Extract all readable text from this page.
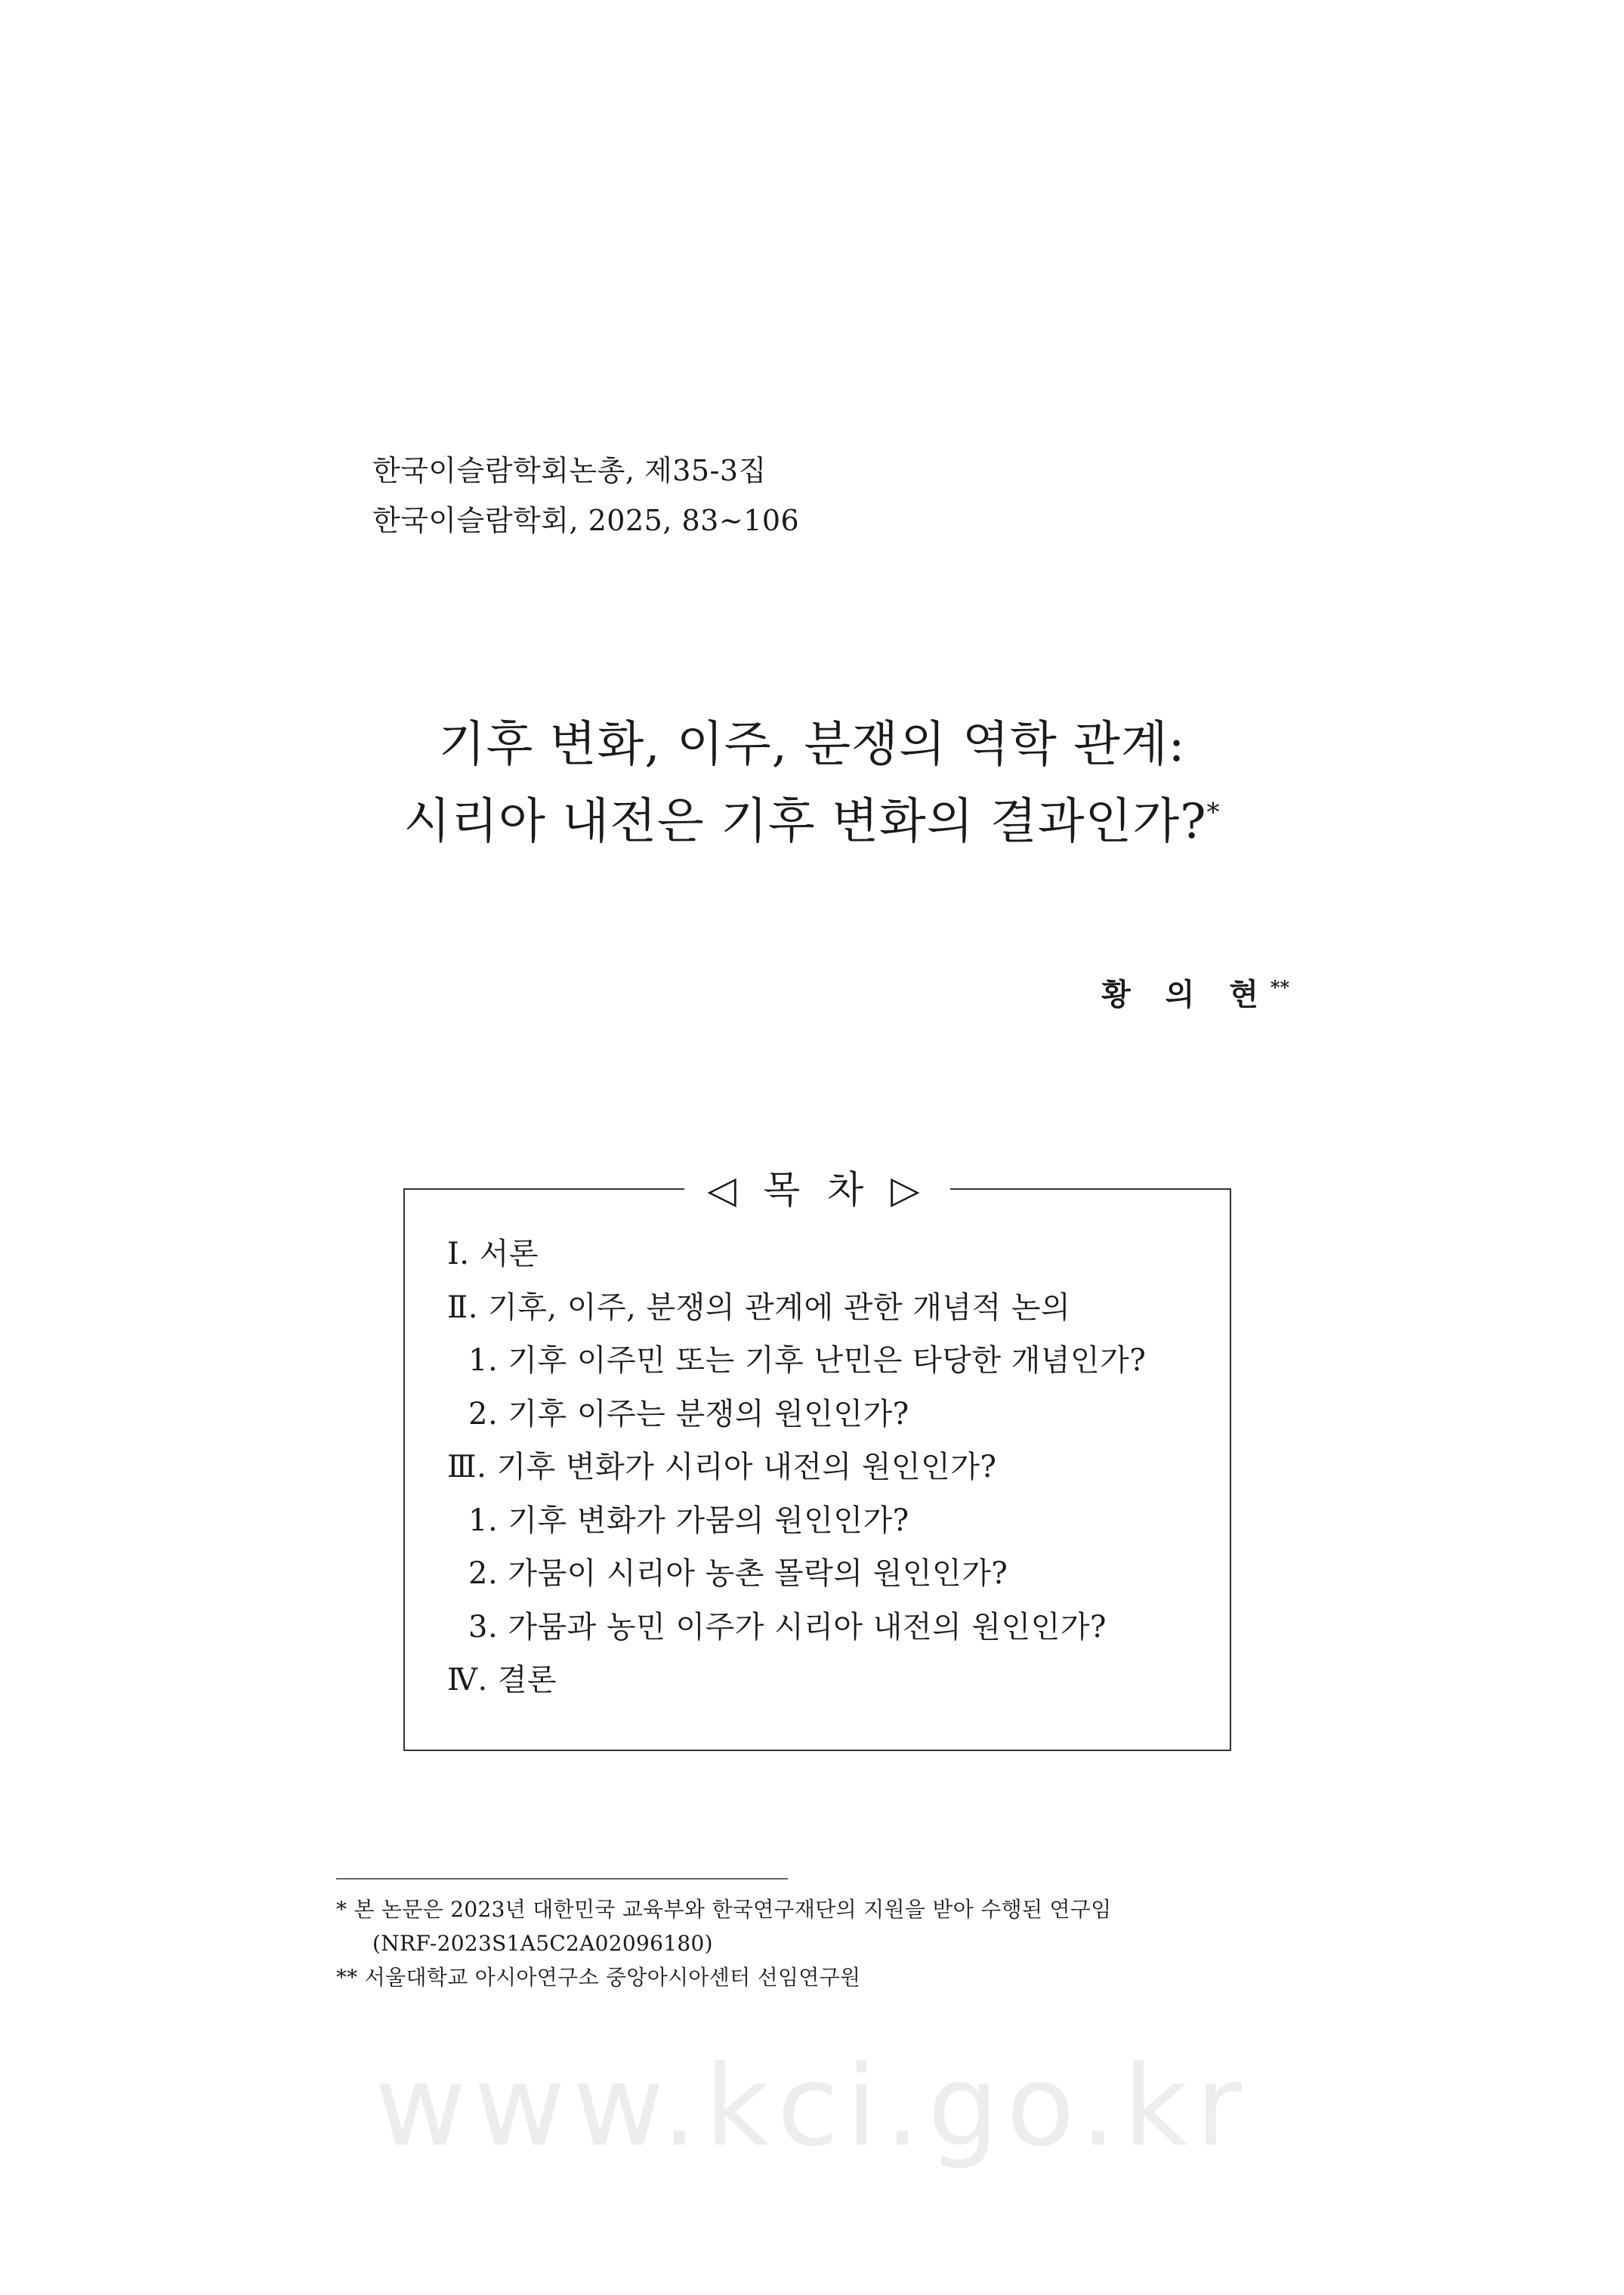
한국이슬람학회논총, 제35-3집
한국이슬람학회, 2025, 83~106
기후 변화, 이주, 분쟁의 역학 관계:
시리아 내전은 기후 변화의 결과인가?*
황 의 현**
◁ 목 차 ▷
Ⅰ. 서론
Ⅱ. 기후, 이주, 분쟁의 관계에 관한 개념적 논의
1. 기후 이주민 또는 기후 난민은 타당한 개념인가?
2. 기후 이주는 분쟁의 원인인가?
Ⅲ. 기후 변화가 시리아 내전의 원인인가?
1. 기후 변화가 가뭄의 원인인가?
2. 가뭄이 시리아 농촌 몰락의 원인인가?
3. 가뭄과 농민 이주가 시리아 내전의 원인인가?
Ⅳ. 결론
* 본 논문은 2023년 대한민국 교육부와 한국연구재단의 지원을 받아 수행된 연구임
(NRF-2023S1A5C2A02096180)
** 서울대학교 아시아연구소 중앙아시아센터 선임연구원
www.kci.go.kr
